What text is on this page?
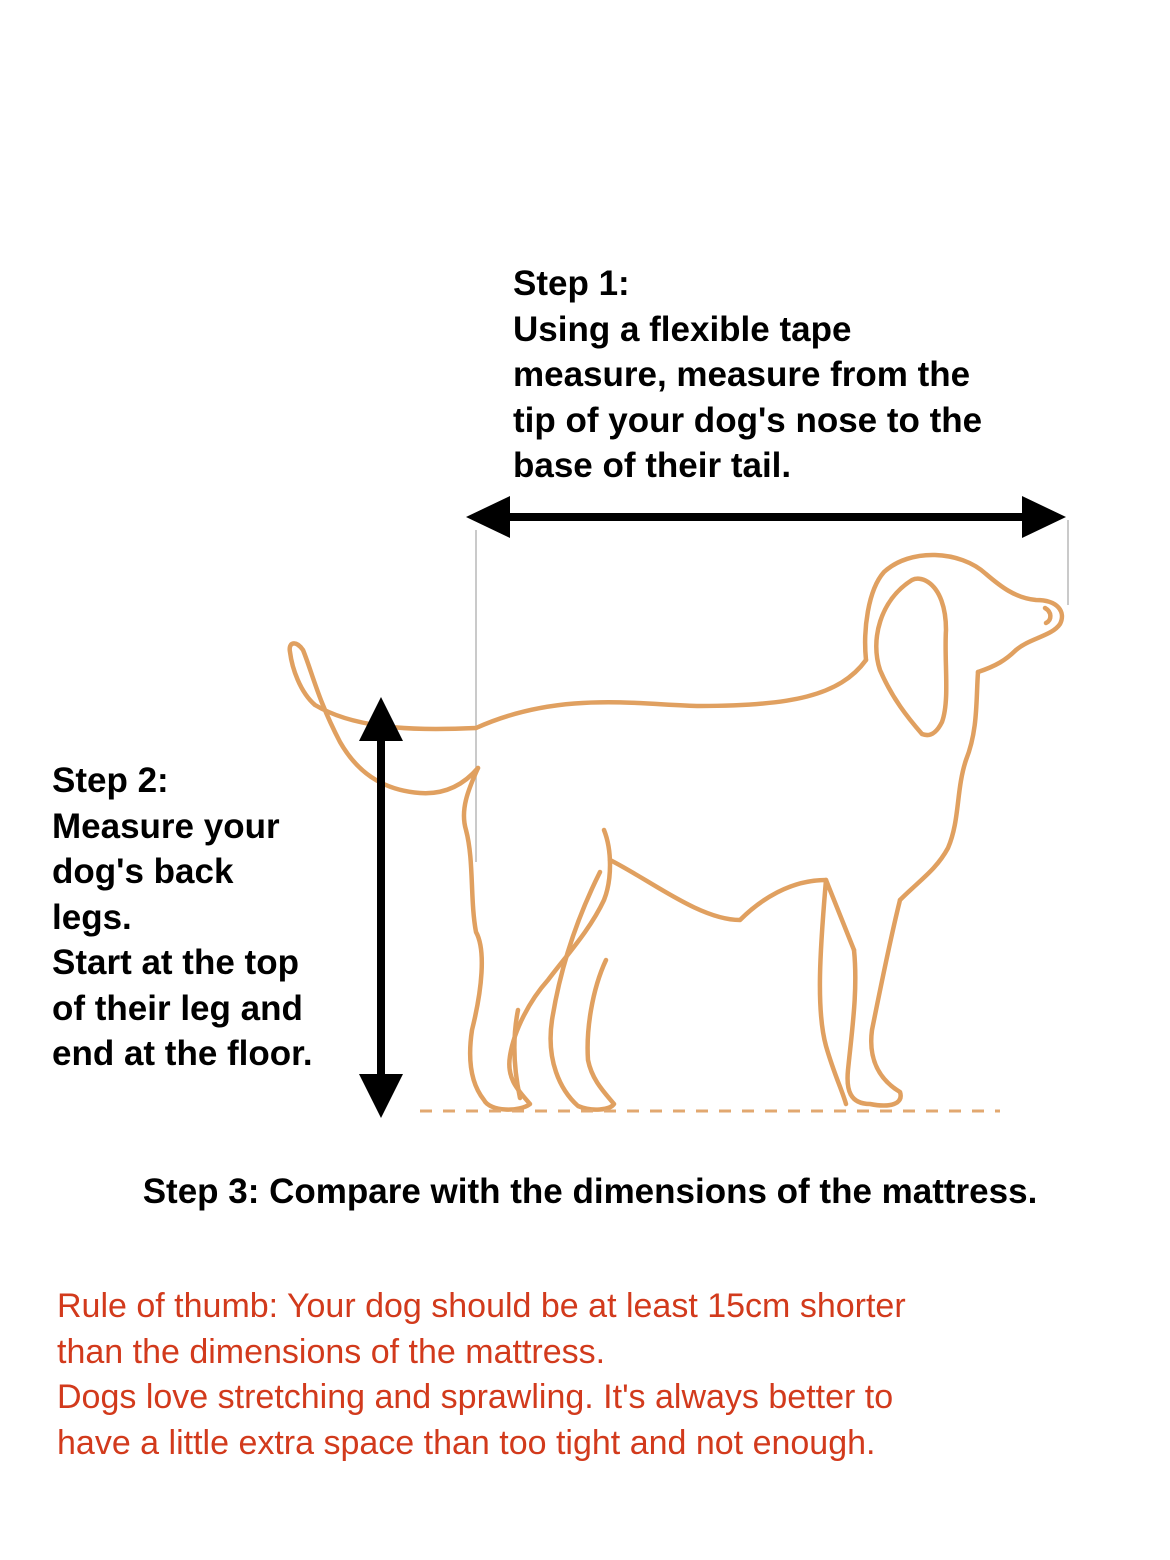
Step 1:
Using a flexible tape
measure, measure from the
tip of your dog's nose to the
base of their tail.
Step 2:
Measure your
dog's back
legs.
Start at the top
of their leg and
end at the floor.
Step 3: Compare with the dimensions of the mattress.
Rule of thumb: Your dog should be at least 15cm shorter
than the dimensions of the mattress.
Dogs love stretching and sprawling. It's always better to
have a little extra space than too tight and not enough.
